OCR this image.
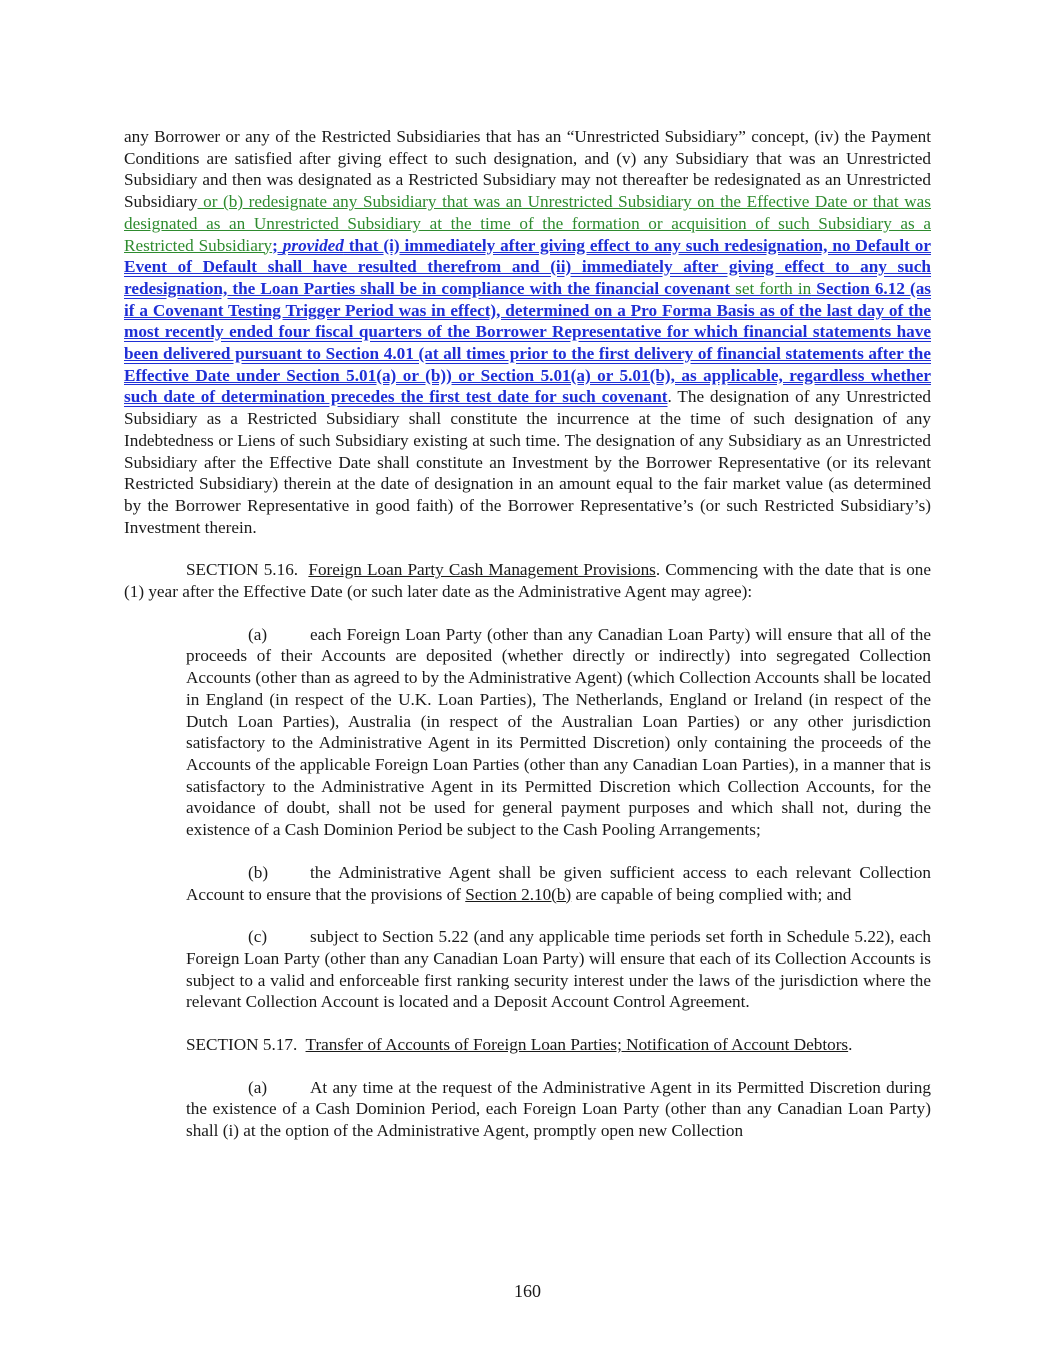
any Borrower or any of the Restricted Subsidiaries that has an “Unrestricted Subsidiary” concept, (iv) the Payment Conditions are satisfied after giving effect to such designation, and (v) any Subsidiary that was an Unrestricted Subsidiary and then was designated as a Restricted Subsidiary may not thereafter be redesignated as an Unrestricted Subsidiary or (b) redesignate any Subsidiary that was an Unrestricted Subsidiary on the Effective Date or that was designated as an Unrestricted Subsidiary at the time of the formation or acquisition of such Subsidiary as a Restricted Subsidiary; provided that (i) immediately after giving effect to any such redesignation, no Default or Event of Default shall have resulted therefrom and (ii) immediately after giving effect to any such redesignation, the Loan Parties shall be in compliance with the financial covenant set forth in Section 6.12 (as if a Covenant Testing Trigger Period was in effect), determined on a Pro Forma Basis as of the last day of the most recently ended four fiscal quarters of the Borrower Representative for which financial statements have been delivered pursuant to Section 4.01 (at all times prior to the first delivery of financial statements after the Effective Date under Section 5.01(a) or (b)) or Section 5.01(a) or 5.01(b), as applicable, regardless whether such date of determination precedes the first test date for such covenant. The designation of any Unrestricted Subsidiary as a Restricted Subsidiary shall constitute the incurrence at the time of such designation of any Indebtedness or Liens of such Subsidiary existing at such time. The designation of any Subsidiary as an Unrestricted Subsidiary after the Effective Date shall constitute an Investment by the Borrower Representative (or its relevant Restricted Subsidiary) therein at the date of designation in an amount equal to the fair market value (as determined by the Borrower Representative in good faith) of the Borrower Representative’s (or such Restricted Subsidiary’s) Investment therein.

SECTION 5.16. Foreign Loan Party Cash Management Provisions. Commencing with the date that is one (1) year after the Effective Date (or such later date as the Administrative Agent may agree):

(a) each Foreign Loan Party (other than any Canadian Loan Party) will ensure that all of the proceeds of their Accounts are deposited (whether directly or indirectly) into segregated Collection Accounts (other than as agreed to by the Administrative Agent) (which Collection Accounts shall be located in England (in respect of the U.K. Loan Parties), The Netherlands, England or Ireland (in respect of the Dutch Loan Parties), Australia (in respect of the Australian Loan Parties) or any other jurisdiction satisfactory to the Administrative Agent in its Permitted Discretion) only containing the proceeds of the Accounts of the applicable Foreign Loan Parties (other than any Canadian Loan Parties), in a manner that is satisfactory to the Administrative Agent in its Permitted Discretion which Collection Accounts, for the avoidance of doubt, shall not be used for general payment purposes and which shall not, during the existence of a Cash Dominion Period be subject to the Cash Pooling Arrangements;

(b) the Administrative Agent shall be given sufficient access to each relevant Collection Account to ensure that the provisions of Section 2.10(b) are capable of being complied with; and

(c) subject to Section 5.22 (and any applicable time periods set forth in Schedule 5.22), each Foreign Loan Party (other than any Canadian Loan Party) will ensure that each of its Collection Accounts is subject to a valid and enforceable first ranking security interest under the laws of the jurisdiction where the relevant Collection Account is located and a Deposit Account Control Agreement.

SECTION 5.17. Transfer of Accounts of Foreign Loan Parties; Notification of Account Debtors.

(a) At any time at the request of the Administrative Agent in its Permitted Discretion during the existence of a Cash Dominion Period, each Foreign Loan Party (other than any Canadian Loan Party) shall (i) at the option of the Administrative Agent, promptly open new Collection

160
